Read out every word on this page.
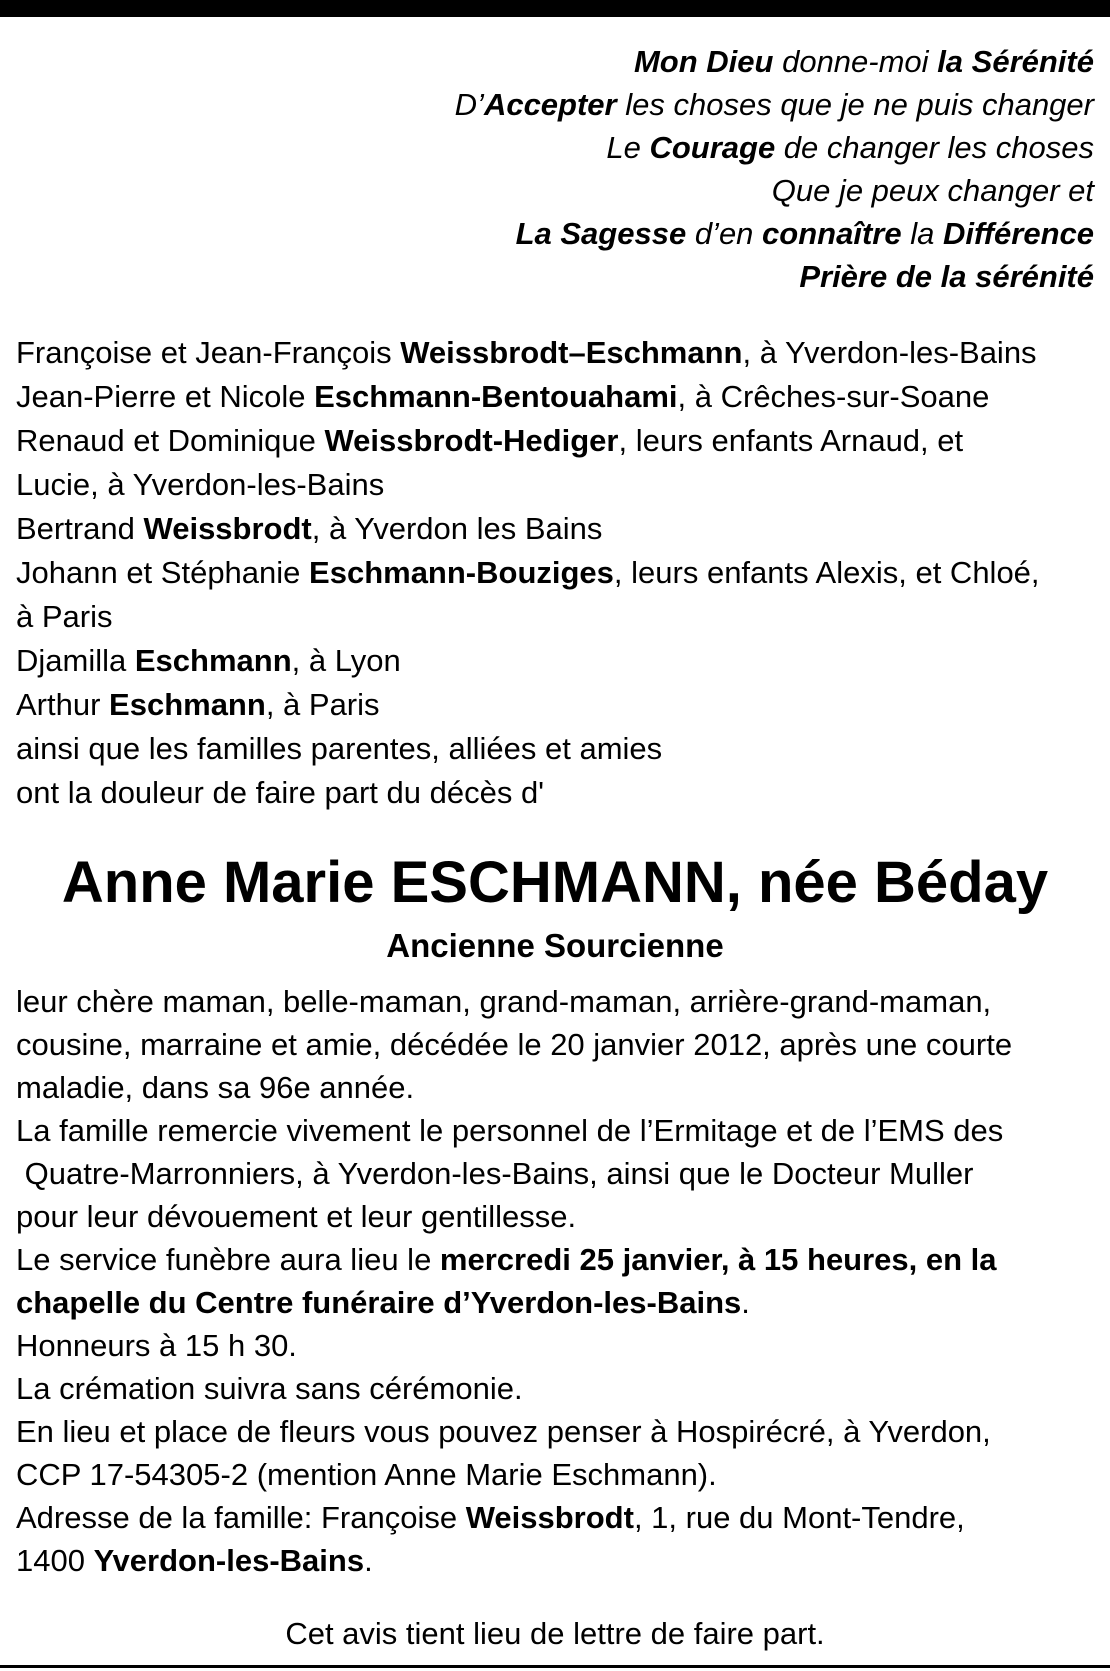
Mon Dieu donne-moi la Sérénité
D’Accepter les choses que je ne puis changer
Le Courage de changer les choses
Que je peux changer et
La Sagesse d’en connaître la Différence
Prière de la sérénité
Françoise et Jean-François Weissbrodt–Eschmann, à Yverdon-les-Bains
Jean-Pierre et Nicole Eschmann-Bentouahami, à Crêches-sur-Soane
Renaud et Dominique Weissbrodt-Hediger, leurs enfants Arnaud, et
Lucie, à Yverdon-les-Bains
Bertrand Weissbrodt, à Yverdon les Bains
Johann et Stéphanie Eschmann-Bouziges, leurs enfants Alexis, et Chloé,
à Paris
Djamilla Eschmann, à Lyon
Arthur Eschmann, à Paris
ainsi que les familles parentes, alliées et amies
ont la douleur de faire part du décès d'
Anne Marie ESCHMANN, née Béday
Ancienne Sourcienne
leur chère maman, belle-maman, grand-maman, arrière-grand-maman,
cousine, marraine et amie, décédée le 20 janvier 2012, après une courte
maladie, dans sa 96e année.
La famille remercie vivement le personnel de l’Ermitage et de l’EMS des
Quatre-Marronniers, à Yverdon-les-Bains, ainsi que le Docteur Muller
pour leur dévouement et leur gentillesse.
Le service funèbre aura lieu le mercredi 25 janvier, à 15 heures, en la
chapelle du Centre funéraire d’Yverdon-les-Bains.
Honneurs à 15 h 30.
La crémation suivra sans cérémonie.
En lieu et place de fleurs vous pouvez penser à Hospirécré, à Yverdon,
CCP 17-54305-2 (mention Anne Marie Eschmann).
Adresse de la famille: Françoise Weissbrodt, 1, rue du Mont-Tendre,
1400 Yverdon-les-Bains.
Cet avis tient lieu de lettre de faire part.
